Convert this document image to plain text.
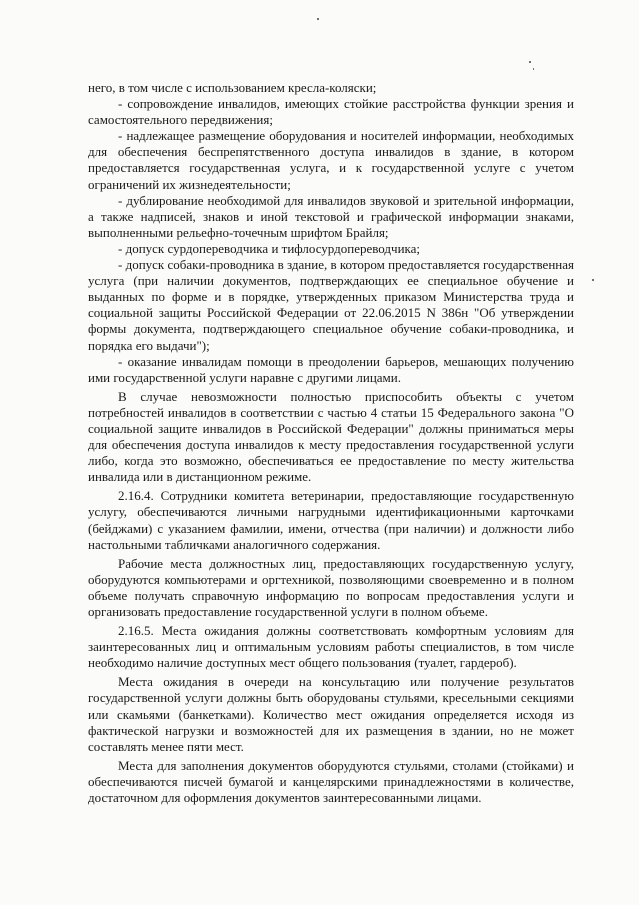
него, в том числе с использованием кресла-коляски;

- сопровождение инвалидов, имеющих стойкие расстройства функции зрения и самостоятельного передвижения;

- надлежащее размещение оборудования и носителей информации, необходимых для обеспечения беспрепятственного доступа инвалидов в здание, в котором предоставляется государственная услуга, и к государственной услуге с учетом ограничений их жизнедеятельности;

- дублирование необходимой для инвалидов звуковой и зрительной информации, а также надписей, знаков и иной текстовой и графической информации знаками, выполненными рельефно-точечным шрифтом Брайля;

- допуск сурдопереводчика и тифлосурдопереводчика;

- допуск собаки-проводника в здание, в котором предоставляется государственная услуга (при наличии документов, подтверждающих ее специальное обучение и выданных по форме и в порядке, утвержденных приказом Министерства труда и социальной защиты Российской Федерации от 22.06.2015 N 386н "Об утверждении формы документа, подтверждающего специальное обучение собаки-проводника, и порядка его выдачи");

- оказание инвалидам помощи в преодолении барьеров, мешающих получению ими государственной услуги наравне с другими лицами.

В случае невозможности полностью приспособить объекты с учетом потребностей инвалидов в соответствии с частью 4 статьи 15 Федерального закона "О социальной защите инвалидов в Российской Федерации" должны приниматься меры для обеспечения доступа инвалидов к месту предоставления государственной услуги либо, когда это возможно, обеспечиваться ее предоставление по месту жительства инвалида или в дистанционном режиме.

2.16.4. Сотрудники комитета ветеринарии, предоставляющие государственную услугу, обеспечиваются личными нагрудными идентификационными карточками (бейджами) с указанием фамилии, имени, отчества (при наличии) и должности либо настольными табличками аналогичного содержания.

Рабочие места должностных лиц, предоставляющих государственную услугу, оборудуются компьютерами и оргтехникой, позволяющими своевременно и в полном объеме получать справочную информацию по вопросам предоставления услуги и организовать предоставление государственной услуги в полном объеме.

2.16.5. Места ожидания должны соответствовать комфортным условиям для заинтересованных лиц и оптимальным условиям работы специалистов, в том числе необходимо наличие доступных мест общего пользования (туалет, гардероб).

Места ожидания в очереди на консультацию или получение результатов государственной услуги должны быть оборудованы стульями, кресельными секциями или скамьями (банкетками). Количество мест ожидания определяется исходя из фактической нагрузки и возможностей для их размещения в здании, но не может составлять менее пяти мест.

Места для заполнения документов оборудуются стульями, столами (стойками) и обеспечиваются писчей бумагой и канцелярскими принадлежностями в количестве, достаточном для оформления документов заинтересованными лицами.
